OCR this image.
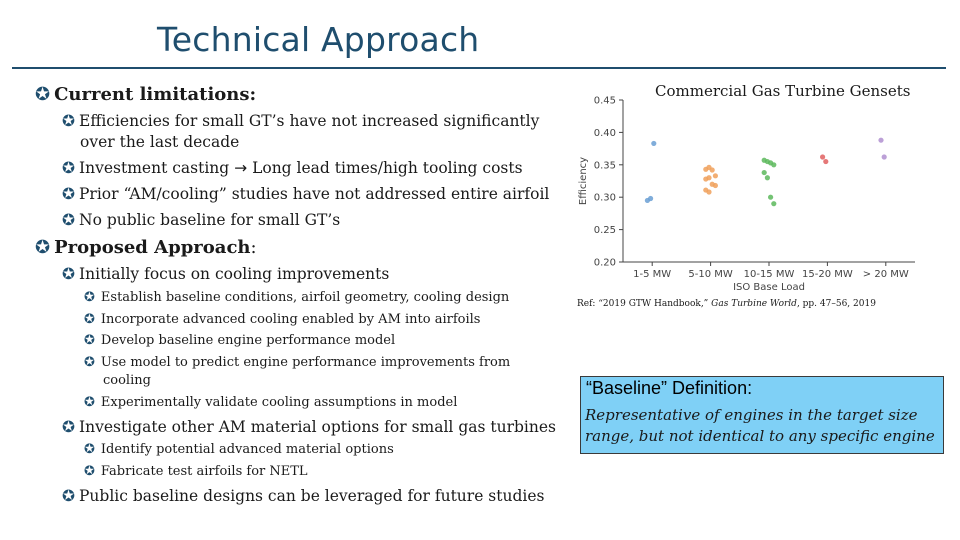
Technical Approach
✪ Current limitations:
✪ Efficiencies for small GT’s have not increased significantly
over the last decade
✪ Investment casting → Long lead times/high tooling costs
✪ Prior “AM/cooling” studies have not addressed entire airfoil
✪ No public baseline for small GT’s
✪ Proposed Approach:
✪ Initially focus on cooling improvements
✪ Establish baseline conditions, airfoil geometry, cooling design
✪ Incorporate advanced cooling enabled by AM into airfoils
✪ Develop baseline engine performance model
✪ Use model to predict engine performance improvements from
cooling
✪ Experimentally validate cooling assumptions in model
✪ Investigate other AM material options for small gas turbines
✪ Identify potential advanced material options
✪ Fabricate test airfoils for NETL
✪ Public baseline designs can be leveraged for future studies
Commercial Gas Turbine Gensets
0.20
0.25
0.30
0.35
0.40
0.45
1-5 MW 5-10 MW 10-15 MW 15-20 MW > 20 MW
ISO Base Load
Efficiency
Ref: “2019 GTW Handbook,” Gas Turbine World, pp. 47–56, 2019
“Baseline” Definition:
Representative of engines in the target size range, but not identical to any specific engine
